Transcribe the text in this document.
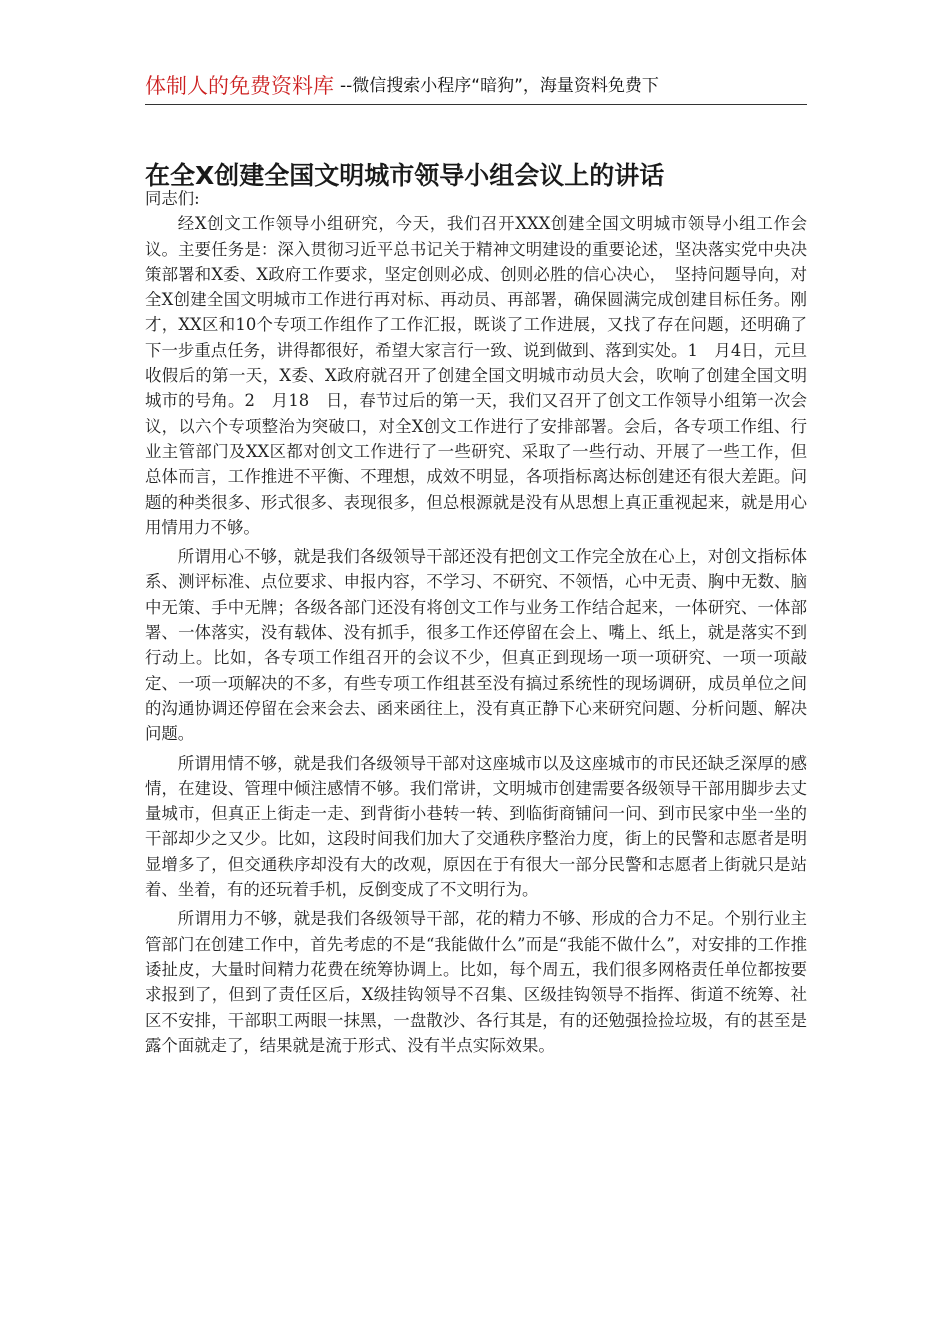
体制人的免费资料库 --微信搜索小程序“暗狗”，海量资料免费下
在全X创建全国文明城市领导小组会议上的讲话

同志们:

经X创文工作领导小组研究，今天，我们召开XXX创建全国文明城市领导小组工作会议。主要任务是：深入贯彻习近平总书记关于精神文明建设的重要论述，坚决落实党中央决策部署和X委、X政府工作要求，坚定创则必成、创则必胜的信心决心，　坚持问题导向，对全X创建全国文明城市工作进行再对标、再动员、再部署，确保圆满完成创建目标任务。刚才，XX区和10个专项工作组作了工作汇报，既谈了工作进展，又找了存在问题，还明确了下一步重点任务，讲得都很好，希望大家言行一致、说到做到、落到实处。1　月4日，元旦收假后的第一天，X委、X政府就召开了创建全国文明城市动员大会，吹响了创建全国文明城市的号角。2　月18　日，春节过后的第一天，我们又召开了创文工作领导小组第一次会议，以六个专项整治为突破口，对全X创文工作进行了安排部署。会后，各专项工作组、行业主管部门及XX区都对创文工作进行了一些研究、采取了一些行动、开展了一些工作，但总体而言，工作推进不平衡、不理想，成效不明显，各项指标离达标创建还有很大差距。问题的种类很多、形式很多、表现很多，但总根源就是没有从思想上真正重视起来，就是用心用情用力不够。

所谓用心不够，就是我们各级领导干部还没有把创文工作完全放在心上，对创文指标体系、测评标准、点位要求、申报内容，不学习、不研究、不领悟，心中无责、胸中无数、脑中无策、手中无牌；各级各部门还没有将创文工作与业务工作结合起来，一体研究、一体部署、一体落实，没有载体、没有抓手，很多工作还停留在会上、嘴上、纸上，就是落实不到行动上。比如，各专项工作组召开的会议不少，但真正到现场一项一项研究、一项一项敲定、一项一项解决的不多，有些专项工作组甚至没有搞过系统性的现场调研，成员单位之间的沟通协调还停留在会来会去、函来函往上，没有真正静下心来研究问题、分析问题、解决问题。

所谓用情不够，就是我们各级领导干部对这座城市以及这座城市的市民还缺乏深厚的感情，在建设、管理中倾注感情不够。我们常讲，文明城市创建需要各级领导干部用脚步去丈量城市，但真正上街走一走、到背街小巷转一转、到临街商铺问一问、到市民家中坐一坐的干部却少之又少。比如，这段时间我们加大了交通秩序整治力度，街上的民警和志愿者是明显增多了，但交通秩序却没有大的改观，原因在于有很大一部分民警和志愿者上街就只是站着、坐着，有的还玩着手机，反倒变成了不文明行为。

所谓用力不够，就是我们各级领导干部，花的精力不够、形成的合力不足。个别行业主管部门在创建工作中，首先考虑的不是“我能做什么”而是“我能不做什么”，对安排的工作推诿扯皮，大量时间精力花费在统筹协调上。比如，每个周五，我们很多网格责任单位都按要求报到了，但到了责任区后，X级挂钩领导不召集、区级挂钩领导不指挥、街道不统筹、社区不安排，干部职工两眼一抹黑，一盘散沙、各行其是，有的还勉强捡捡垃圾，有的甚至是露个面就走了，结果就是流于形式、没有半点实际效果。
